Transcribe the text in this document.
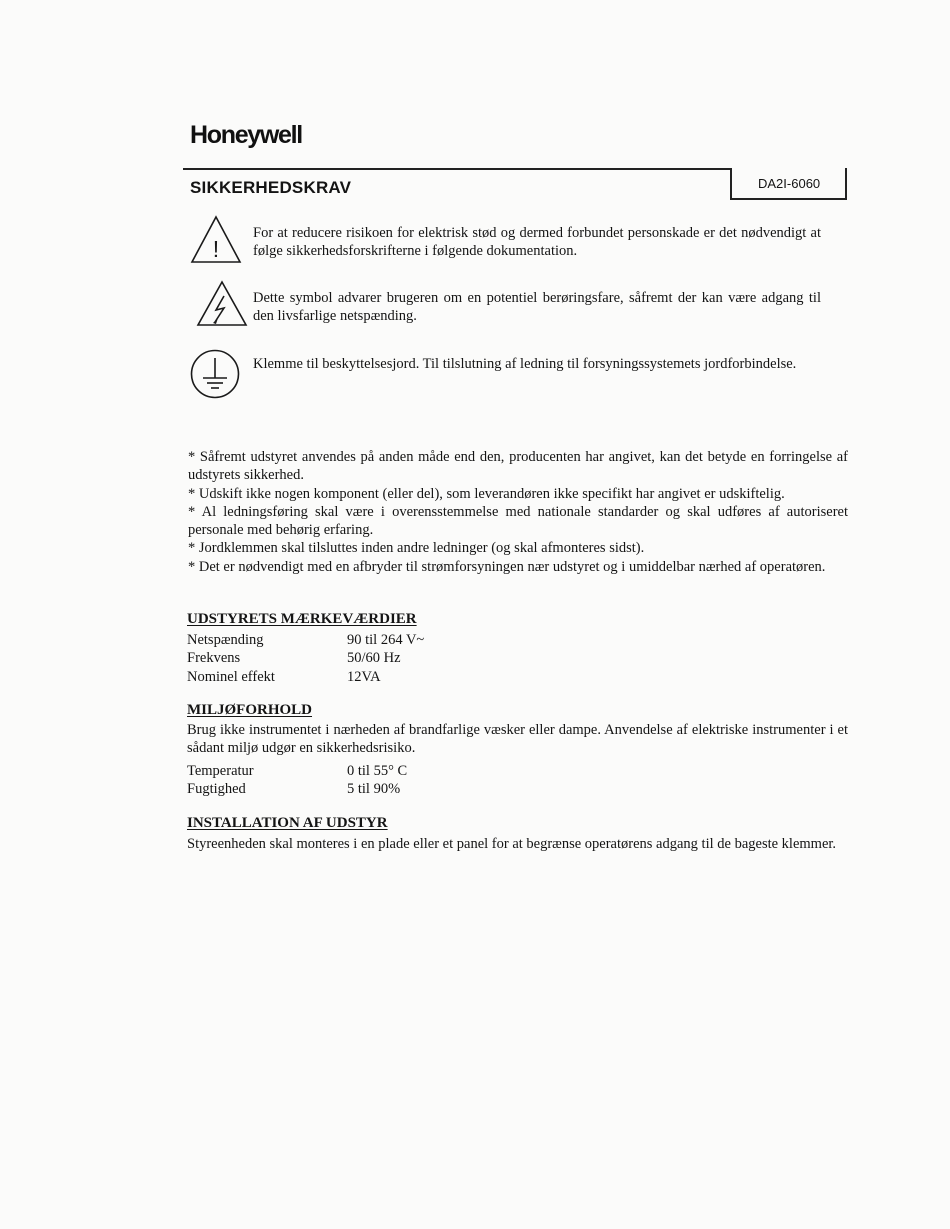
Honeywell
DA2I-6060
SIKKERHEDSKRAV
!
For at reducere risikoen for elektrisk stød og dermed forbundet personskade er det nødvendigt at følge sikkerhedsforskrifterne i følgende dokumentation.
Dette symbol advarer brugeren om en potentiel berøringsfare, såfremt der kan være adgang til den livsfarlige netspænding.
Klemme til beskyttelsesjord. Til tilslutning af ledning til forsyningssystemets jordforbindelse.

* Såfremt udstyret anvendes på anden måde end den, producenten har angivet, kan det betyde en forringelse af udstyrets sikkerhed.

* Udskift ikke nogen komponent (eller del), som leverandøren ikke specifikt har angivet er udskiftelig.

* Al ledningsføring skal være i overensstemmelse med nationale standarder og skal udføres af autoriseret personale med behørig erfaring.

* Jordklemmen skal tilsluttes inden andre ledninger (og skal afmonteres sidst).

* Det er nødvendigt med en afbryder til strømforsyningen nær udstyret og i umiddelbar nærhed af operatøren.

UDSTYRETS MÆRKEVÆRDIER
Netspænding	90 til 264 V~
Frekvens	50/60 Hz
Nominel effekt	12VA
MILJØFORHOLD

Brug ikke instrumentet i nærheden af brandfarlige væsker eller dampe. Anvendelse af elektriske instrumenter i et sådant miljø udgør en sikkerhedsrisiko.

Temperatur	0 til 55° C
Fugtighed	5 til 90%
INSTALLATION AF UDSTYR

Styreenheden skal monteres i en plade eller et panel for at begrænse operatørens adgang til de bageste klemmer.
